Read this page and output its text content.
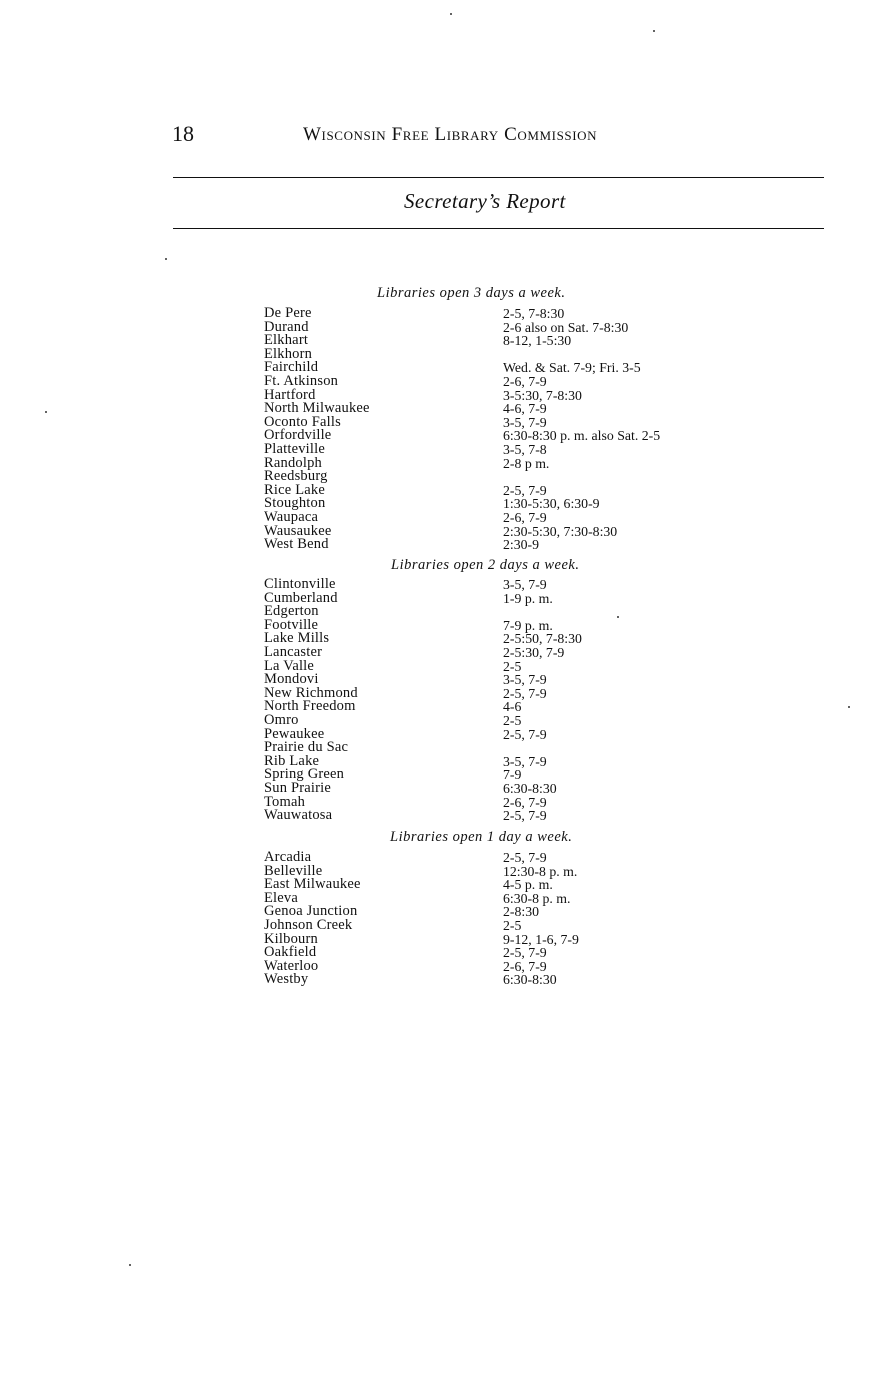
18	Wisconsin Free Library Commission
Secretary’s Report
Libraries open 3 days a week.
De Pere	2-5, 7-8:30
Durand	2-6 also on Sat. 7-8:30
Elkhart	8-12, 1-5:30
Elkhorn
Fairchild	Wed. & Sat. 7-9; Fri. 3-5
Ft. Atkinson	2-6, 7-9
Hartford	3-5:30, 7-8:30
North Milwaukee	4-6, 7-9
Oconto Falls	3-5, 7-9
Orfordville	6:30-8:30 p. m. also Sat. 2-5
Platteville	3-5, 7-8
Randolph	2-8 p m.
Reedsburg
Rice Lake	2-5, 7-9
Stoughton	1:30-5:30, 6:30-9
Waupaca	2-6, 7-9
Wausaukee	2:30-5:30, 7:30-8:30
West Bend	2:30-9
Libraries open 2 days a week.
Clintonville	3-5, 7-9
Cumberland	1-9 p. m.
Edgerton
Footville	7-9 p. m.
Lake Mills	2-5:50, 7-8:30
Lancaster	2-5:30, 7-9
La Valle	2-5
Mondovi	3-5, 7-9
New Richmond	2-5, 7-9
North Freedom	4-6
Omro	2-5
Pewaukee	2-5, 7-9
Prairie du Sac
Rib Lake	3-5, 7-9
Spring Green	7-9
Sun Prairie	6:30-8:30
Tomah	2-6, 7-9
Wauwatosa	2-5, 7-9
Libraries open 1 day a week.
Arcadia	2-5, 7-9
Belleville	12:30-8 p. m.
East Milwaukee	4-5 p. m.
Eleva	6:30-8 p. m.
Genoa Junction	2-8:30
Johnson Creek	2-5
Kilbourn	9-12, 1-6, 7-9
Oakfield	2-5, 7-9
Waterloo	2-6, 7-9
Westby	6:30-8:30
